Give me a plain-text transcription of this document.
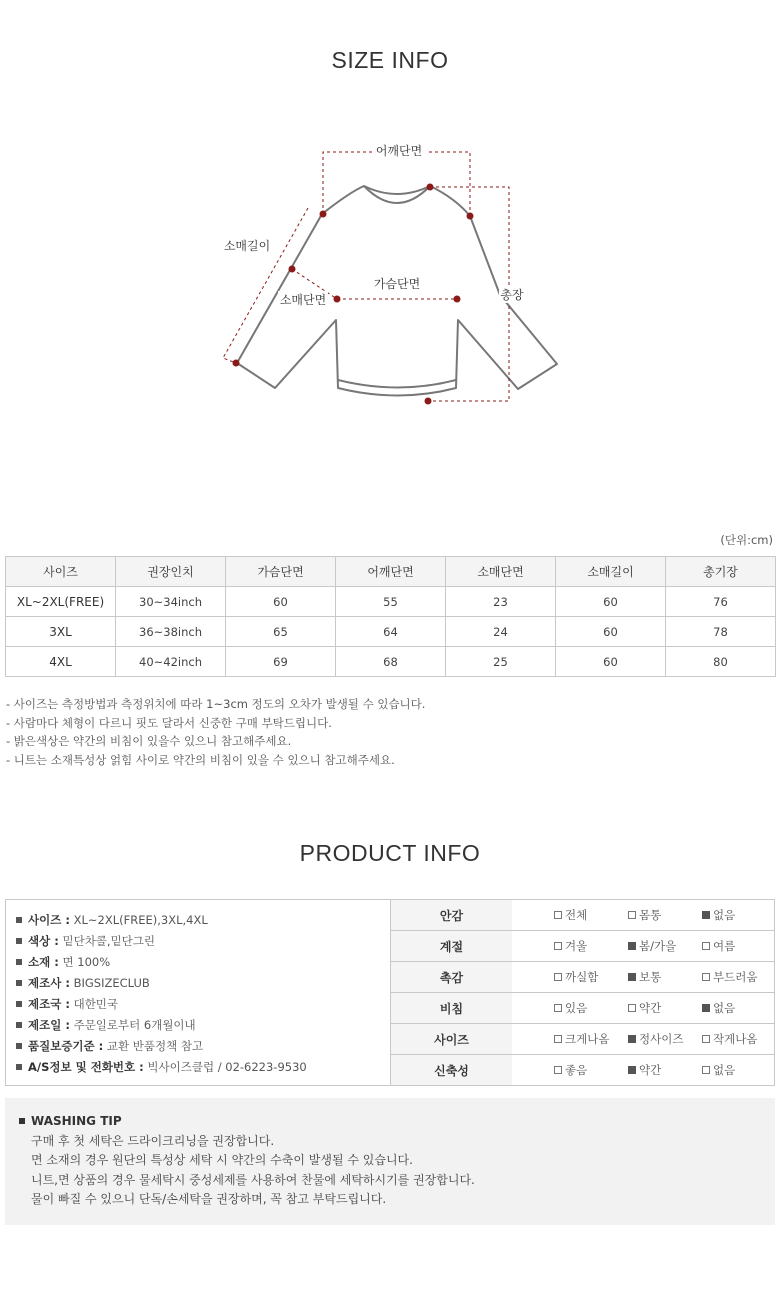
SIZE INFO
어깨단면
소매길이
가슴단면
소매단면	총장
(단위:cm)
사이즈	권장인치	가슴단면	어깨단면	소매단면	소매길이	총기장
XL~2XL(FREE)	30~34inch	60	55	23	60	76
3XL	36~38inch	65	64	24	60	78
4XL	40~42inch	69	68	25	60	80
- 사이즈는 측정방법과 측정위치에 따라 1~3cm 정도의 오차가 발생될 수 있습니다.
- 사람마다 체형이 다르니 핏도 달라서 신중한 구매 부탁드립니다.
- 밝은색상은 약간의 비침이 있을수 있으니 참고해주세요.
- 니트는 소재특성상 얽힘 사이로 약간의 비침이 있을 수 있으니 참고해주세요.
PRODUCT INFO
사이즈 : XL~2XL(FREE),3XL,4XL
색상 : 밑단차콜,밑단그린
소재 : 면 100%
제조사 : BIGSIZECLUB
제조국 : 대한민국
제조일 : 주문일로부터 6개월이내
품질보증기준 : 교환 반품정책 참고
A/S정보 및 전화번호 : 빅사이즈클럽 / 02-6223-9530
안감	전체	몸통	없음
계절	겨울	봄/가을	여름
촉감	까실함	보통	부드러움
비침	있음	약간	없음
사이즈	크게나옴	정사이즈	작게나옴
신축성	좋음	약간	없음
WASHING TIP
구매 후 첫 세탁은 드라이크리닝을 권장합니다.
면 소재의 경우 원단의 특성상 세탁 시 약간의 수축이 발생될 수 있습니다.
니트,면 상품의 경우 물세탁시 중성세제를 사용하여 찬물에 세탁하시기를 권장합니다.
물이 빠질 수 있으니 단독/손세탁을 권장하며, 꼭 참고 부탁드립니다.
